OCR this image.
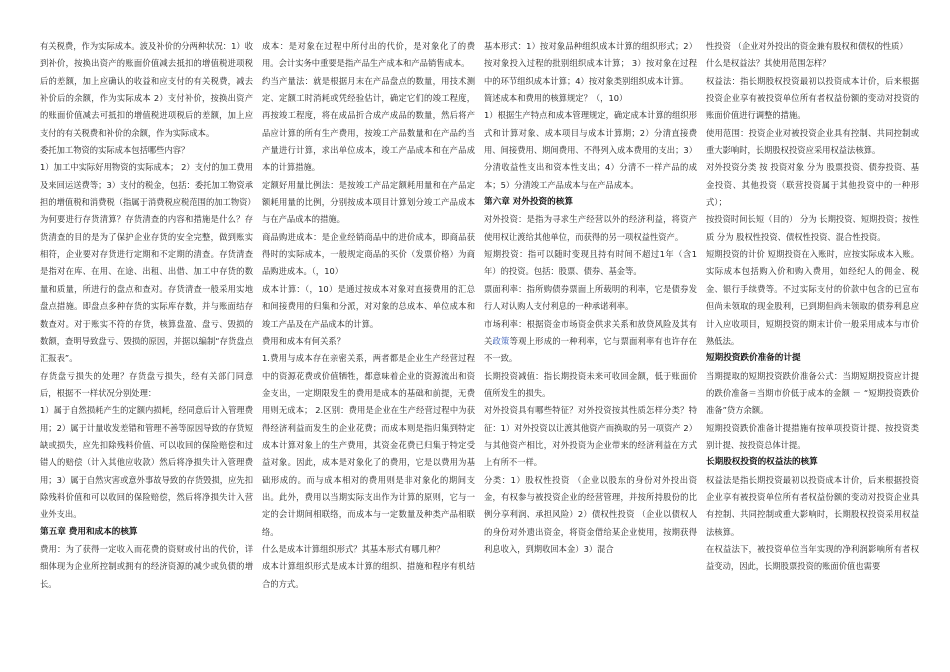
有关税费，作为实际成本。波及补价的分两种状况：1）收到补价，按换出资产的账面价值减去抵扣的增值税进项税后的差额，加上应确认的收益和应支付的有关税费，减去补价后的余额，作为实际成本 2）支付补价，按换出资产的账面价值减去可抵扣的增值税进项税后的差额，加上应支付的有关税费和补价的余额，作为实际成本。

委托加工物资的实际成本包括哪些内容？

1）加工中实际好用物资的实际成本； 2）支付的加工费用及来回运送费等；3）支付的税金，包括：委托加工物资承担的增值税和消费税（指属于消费税应税范围的加工物资）

为何要进行存货清算？存货清查的内容和措施是什么？存货清查的目的是为了保护企业存货的安全完整，做到账实相符，企业要对存货进行定期和不定期的清查。存货清查是指对在库、在用、在途、出租、出借、加工中存货的数量和质量，所进行的盘点和查对。存货清查一般采用实地盘点措施。即盘点多种存货的实际库存数，并与账面结存数查对。对于账实不符的存货，核算盘盈、盘亏、毁损的数额，查明导致盘亏、毁损的原因，并据以编制“存货盘点汇报表”。

存货盘亏损失的处理？存货盘亏损失，经有关部门同意后，根据不一样状况分别处理：

1）属于自然损耗产生的定额内损耗，经同意后计入管理费用；2）属于计量收发差错和管理不善等原因导致的存货短缺或损失，应先扣除残料价值、可以收回的保险赔偿和过错人的赔偿（计入其他应收款）然后将净损失计入管理费用；3）属于自然灾害或意外事故导致的存货毁损，应先扣除残料价值和可以收回的保险赔偿，然后将净损失计入营业外支出。

第五章 费用和成本的核算

费用：为了获得一定收入而花费的资财或付出的代价，详细体现为企业所控制或拥有的经济资源的减少或负债的增长。

成本：是对象在过程中所付出的代价，是对象化了的费用。会计实务中重要是指产品生产成本和产品销售成本。

约当产量法：就是根据月末在产品盘点的数量，用技术测定、定额工时消耗或凭经验估计，确定它们的竣工程度，再按竣工程度，将在成品折合成产成品的数量，然后将产品应计算的所有生产费用，按竣工产品数量和在产品约当产量进行计算，求出单位成本，竣工产品成本和在产品成本的计算措施。

定额好用量比例法：是按竣工产品定额耗用量和在产品定额耗用量的比例，分别按成本项目计算划分竣工产品成本与在产品成本的措施。

商品购进成本：是企业经销商品中的进价成本，即商品获得时的实际成本，一般规定商品的买价（发票价格）为商品购进成本。（，10）

成本计算：（，10）是通过按成本对象对直接费用的汇总和间接费用的归集和分派，对对象的总成本、单位成本和竣工产品及在产品成本的计算。

费用和成本有何关系？

1.费用与成本存在亲密关系，两者都是企业生产经营过程中的资源花费或价值牺牲，都意味着企业的资源流出和资金支出，一定期限发生的费用是成本的基础和前提，无费用则无成本； 2.区别：费用是企业在生产经营过程中为获得经济利益而发生的企业花费；而成本则是指归集到特定成本计算对象上的生产费用，其资金花费已归集于特定受益对象。因此，成本是对象化了的费用，它是以费用为基础形成的。而与成本相对的费用则是非对象化的期间支出。此外，费用以当期实际支出作为计算的原则，它与一定的会计期间相联络，而成本与一定数量及种类产品相联络。

什么是成本计算组织形式？其基本形式有哪几种？

成本计算组织形式是成本计算的组织、措施和程序有机结合的方式。

基本形式：1）按对象品种组织成本计算的组织形式；2）按对象投入过程的批别组织成本计算； 3）按对象在过程中的环节组织成本计算；4）按对象类别组织成本计算。

简述成本和费用的核算规定？（，10）

1）根据生产特点和成本管理规定，确定成本计算的组织形式和计算对象、成本项目与成本计算期；2）分清直接费用、间接费用、期间费用、不得列入成本费用的支出；3）分清收益性支出和资本性支出；4）分清不一样产品的成本；5）分清竣工产品成本与在产品成本。

第六章 对外投资的核算

对外投资：是指为寻求生产经营以外的经济利益，将资产使用权让渡给其他单位，而获得的另一项权益性资产。

短期投资：指可以随时变现且持有时间不超过1年（含1年）的投资。包括：股票、债券、基金等。

票面利率：指所购债券票面上所载明的利率，它是债券发行人对认购人支付利息的一种承诺利率。

市场利率：根据资金市场资金供求关系和放贷风险及其有关政策等观上形成的一种利率，它与票面利率有也许存在不一致。

长期投资减值：指长期投资未来可收回金额，低于账面价值所发生的损失。

对外投资具有哪些特征？对外投资按其性质怎样分类？特征：1）对外投资以让渡其他资产而换取的另一项资产 2）与其他资产相比，对外投资为企业带来的经济利益在方式上有所不一样。

分类：1）股权性投资 （企业以股东的身份对外投出资金，有权参与被投资企业的经营管理，并按所持股份的比例分享利润、承担风险）2）债权性投资 （企业以债权人的身份对外遗出资金，将资金借给某企业使用，按期获得利息收入，到期收回本金）3）混合

性投资 （企业对外投出的资金兼有股权和债权的性质）

什么是权益法？其使用范围怎样？

权益法：指长期股权投资最初以投资成本计价，后来根据投资企业享有被投资单位所有者权益份额的变动对投资的账面价值进行调整的措施。

使用范围：投资企业对被投资企业具有控制、共同控制或重大影响时，长期股权投资应采用权益法核算。

对外投资分类 按 投资对象 分为 股票投资、债券投资、基金投资、其他投资（联营投资属于其他投资中的一种形式）；

按投资时间长短（目的） 分为 长期投资、短期投资；按性质 分为 股权性投资、债权性投资、混合性投资。

短期投资的计价 短期投资在入账时，应按实际成本入账。实际成本包括购入价和购入费用，如经纪人的佣金、税金、银行手续费等。不过实际支付的价款中包含的已宣布但尚未领取的现金股利，已到期但尚未领取的债券利息应计入应收项目，短期投资的期末计价一般采用成本与市价熟低法。

短期投资跌价准备的计提

当期提取的短期投资跌价准备公式：当期短期投资应计提的跌价准备＝当期市价低于成本的金额 － “短期投资跌价准备”贷方余额。

短期投资跌价准备计提措施有按单项投资计提、按投资类别计提、按投资总体计提。

长期股权投资的权益法的核算

权益法是指长期投资最初以投资成本计价，后来根据投资企业享有被投资单位所有者权益份额的变动对投资企业具有控制、共同控制或重大影响时，长期股权投资采用权益法核算。

在权益法下，被投资单位当年实现的净利润影响所有者权益变动，因此，长期股票投资的账面价值也需要
